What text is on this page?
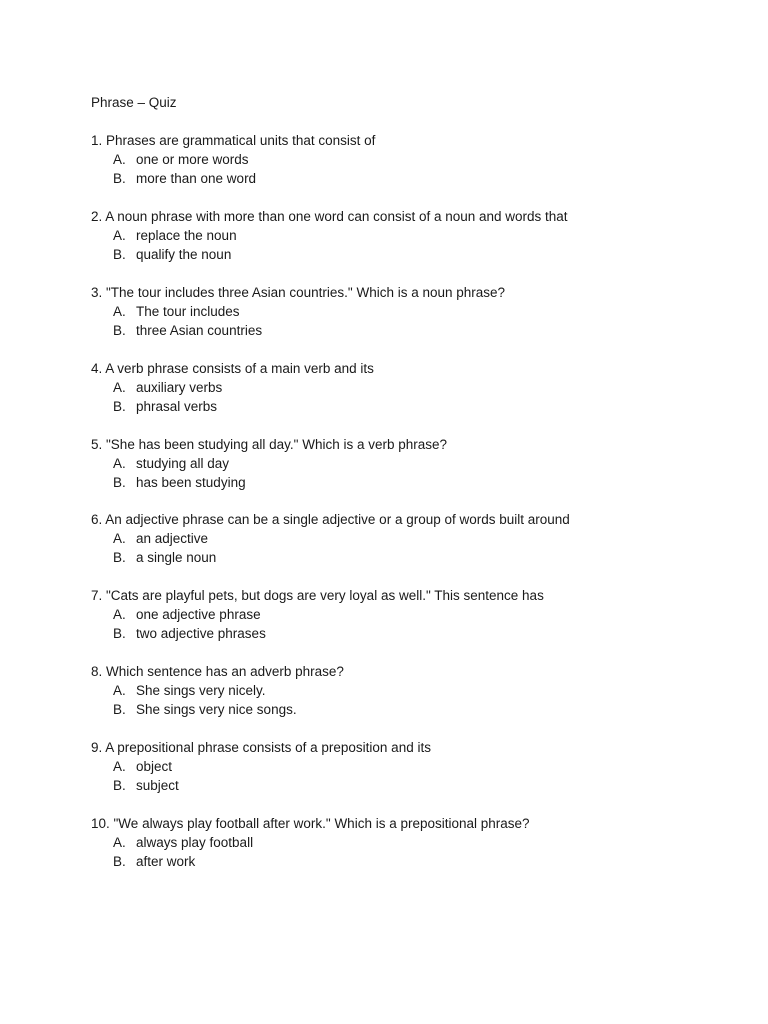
Phrase – Quiz
1. Phrases are grammatical units that consist of
A. one or more words
B. more than one word
2. A noun phrase with more than one word can consist of a noun and words that
A. replace the noun
B. qualify the noun
3. "The tour includes three Asian countries." Which is a noun phrase?
A. The tour includes
B. three Asian countries
4. A verb phrase consists of a main verb and its
A. auxiliary verbs
B. phrasal verbs
5. "She has been studying all day." Which is a verb phrase?
A. studying all day
B. has been studying
6. An adjective phrase can be a single adjective or a group of words built around
A. an adjective
B. a single noun
7. "Cats are playful pets, but dogs are very loyal as well." This sentence has
A. one adjective phrase
B. two adjective phrases
8. Which sentence has an adverb phrase?
A. She sings very nicely.
B. She sings very nice songs.
9. A prepositional phrase consists of a preposition and its
A. object
B. subject
10. "We always play football after work." Which is a prepositional phrase?
A. always play football
B. after work
